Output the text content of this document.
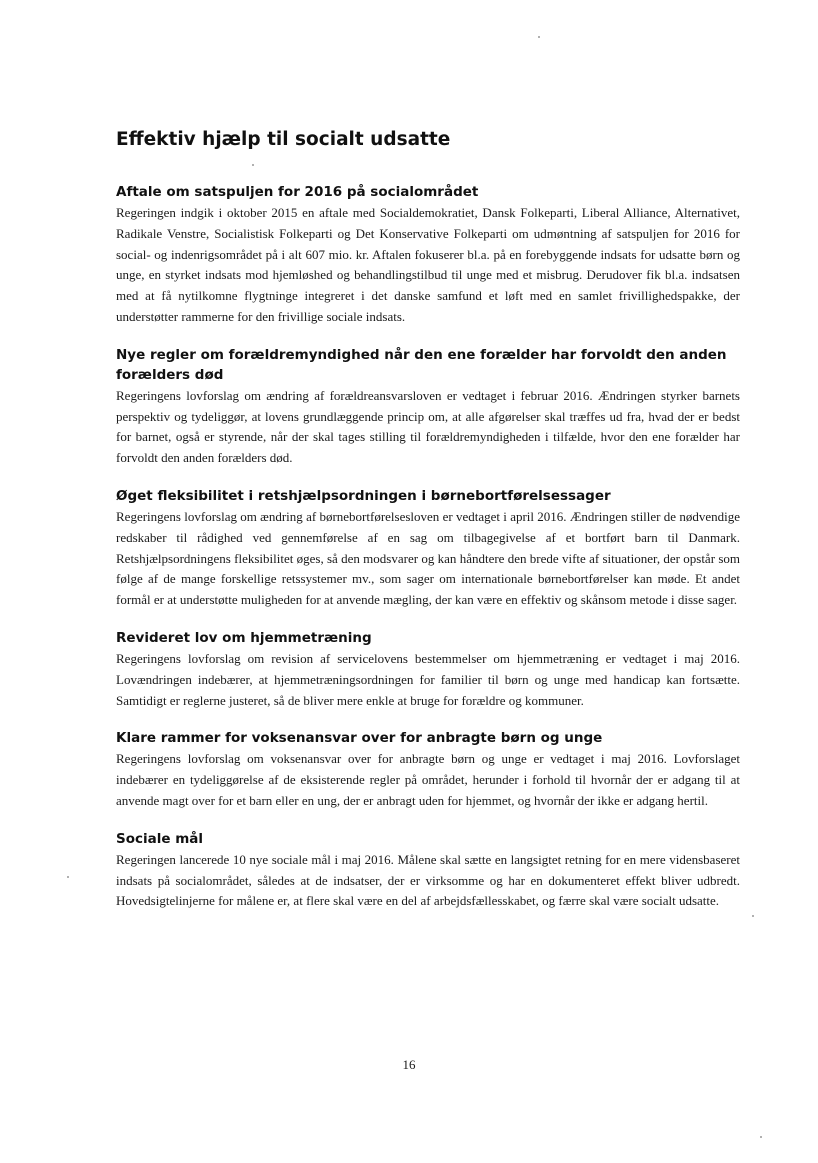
Effektiv hjælp til socialt udsatte
Aftale om satspuljen for 2016 på socialområdet

Regeringen indgik i oktober 2015 en aftale med Socialdemokratiet, Dansk Folkeparti, Liberal Alliance, Alternativet, Radikale Venstre, Socialistisk Folkeparti og Det Konservative Folkeparti om udmøntning af satspuljen for 2016 for social- og indenrigsområdet på i alt 607 mio. kr. Aftalen fokuserer bl.a. på en forebyggende indsats for udsatte børn og unge, en styrket indsats mod hjemløshed og behandlingstilbud til unge med et misbrug. Derudover fik bl.a. indsatsen med at få nytilkomne flygtninge integreret i det danske samfund et løft med en samlet frivillighedspakke, der understøtter rammerne for den frivillige sociale indsats.

Nye regler om forældremyndighed når den ene forælder har forvoldt den anden forælders død

Regeringens lovforslag om ændring af forældreansvarsloven er vedtaget i februar 2016. Ændringen styrker barnets perspektiv og tydeliggør, at lovens grundlæggende princip om, at alle afgørelser skal træffes ud fra, hvad der er bedst for barnet, også er styrende, når der skal tages stilling til forældremyndigheden i tilfælde, hvor den ene forælder har forvoldt den anden forælders død.

Øget fleksibilitet i retshjælpsordningen i børnebortførelsessager

Regeringens lovforslag om ændring af børnebortførelsesloven er vedtaget i april 2016. Ændringen stiller de nødvendige redskaber til rådighed ved gennemførelse af en sag om tilbagegivelse af et bortført barn til Danmark. Retshjælpsordningens fleksibilitet øges, så den modsvarer og kan håndtere den brede vifte af situationer, der opstår som følge af de mange forskellige retssystemer mv., som sager om internationale børnebortførelser kan møde. Et andet formål er at understøtte muligheden for at anvende mægling, der kan være en effektiv og skånsom metode i disse sager.

Revideret lov om hjemmetræning

Regeringens lovforslag om revision af servicelovens bestemmelser om hjemmetræning er vedtaget i maj 2016. Lovændringen indebærer, at hjemmetræningsordningen for familier til børn og unge med handicap kan fortsætte. Samtidigt er reglerne justeret, så de bliver mere enkle at bruge for forældre og kommuner.

Klare rammer for voksenansvar over for anbragte børn og unge

Regeringens lovforslag om voksenansvar over for anbragte børn og unge er vedtaget i maj 2016. Lovforslaget indebærer en tydeliggørelse af de eksisterende regler på området, herunder i forhold til hvornår der er adgang til at anvende magt over for et barn eller en ung, der er anbragt uden for hjemmet, og hvornår der ikke er adgang hertil.

Sociale mål

Regeringen lancerede 10 nye sociale mål i maj 2016. Målene skal sætte en langsigtet retning for en mere vidensbaseret indsats på socialområdet, således at de indsatser, der er virksomme og har en dokumenteret effekt bliver udbredt. Hovedsigtelinjerne for målene er, at flere skal være en del af arbejdsfællesskabet, og færre skal være socialt udsatte.

16
